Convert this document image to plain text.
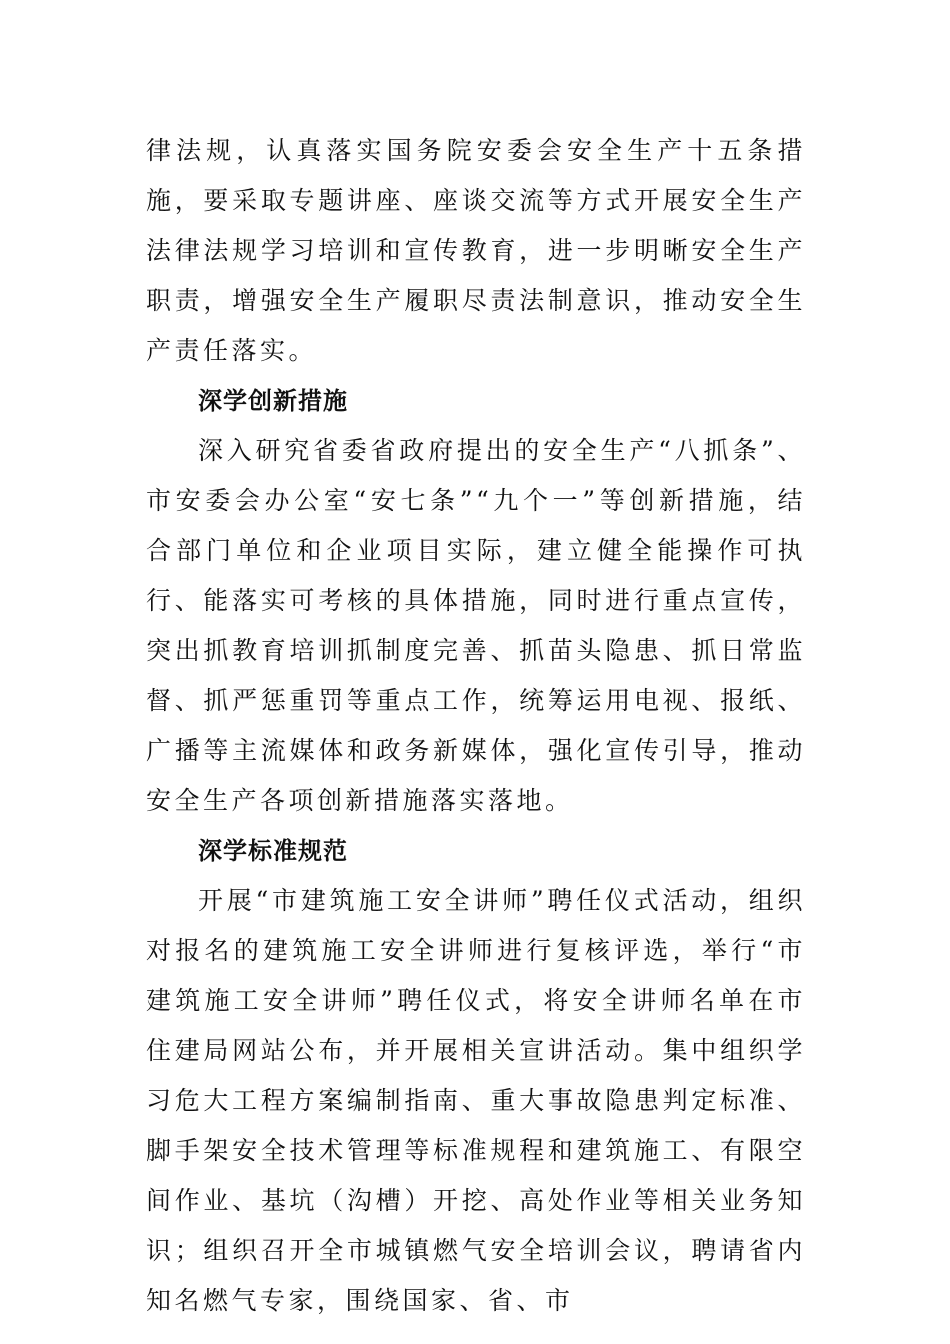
律法规，认真落实国务院安委会安全生产十五条措施，要采取专题讲座、座谈交流等方式开展安全生产法律法规学习培训和宣传教育，进一步明晰安全生产职责，增强安全生产履职尽责法制意识，推动安全生产责任落实。

深学创新措施

深入研究省委省政府提出的安全生产“八抓条”、市安委会办公室“安七条”“九个一”等创新措施，结合部门单位和企业项目实际，建立健全能操作可执行、能落实可考核的具体措施，同时进行重点宣传，突出抓教育培训抓制度完善、抓苗头隐患、抓日常监督、抓严惩重罚等重点工作，统筹运用电视、报纸、广播等主流媒体和政务新媒体，强化宣传引导，推动安全生产各项创新措施落实落地。

深学标准规范

开展“市建筑施工安全讲师”聘任仪式活动，组织对报名的建筑施工安全讲师进行复核评选，举行“市建筑施工安全讲师”聘任仪式，将安全讲师名单在市住建局网站公布，并开展相关宣讲活动。集中组织学习危大工程方案编制指南、重大事故隐患判定标准、脚手架安全技术管理等标准规程和建筑施工、有限空间作业、基坑（沟槽）开挖、高处作业等相关业务知识；组织召开全市城镇燃气安全培训会议，聘请省内知名燃气专家，围绕国家、省、市
